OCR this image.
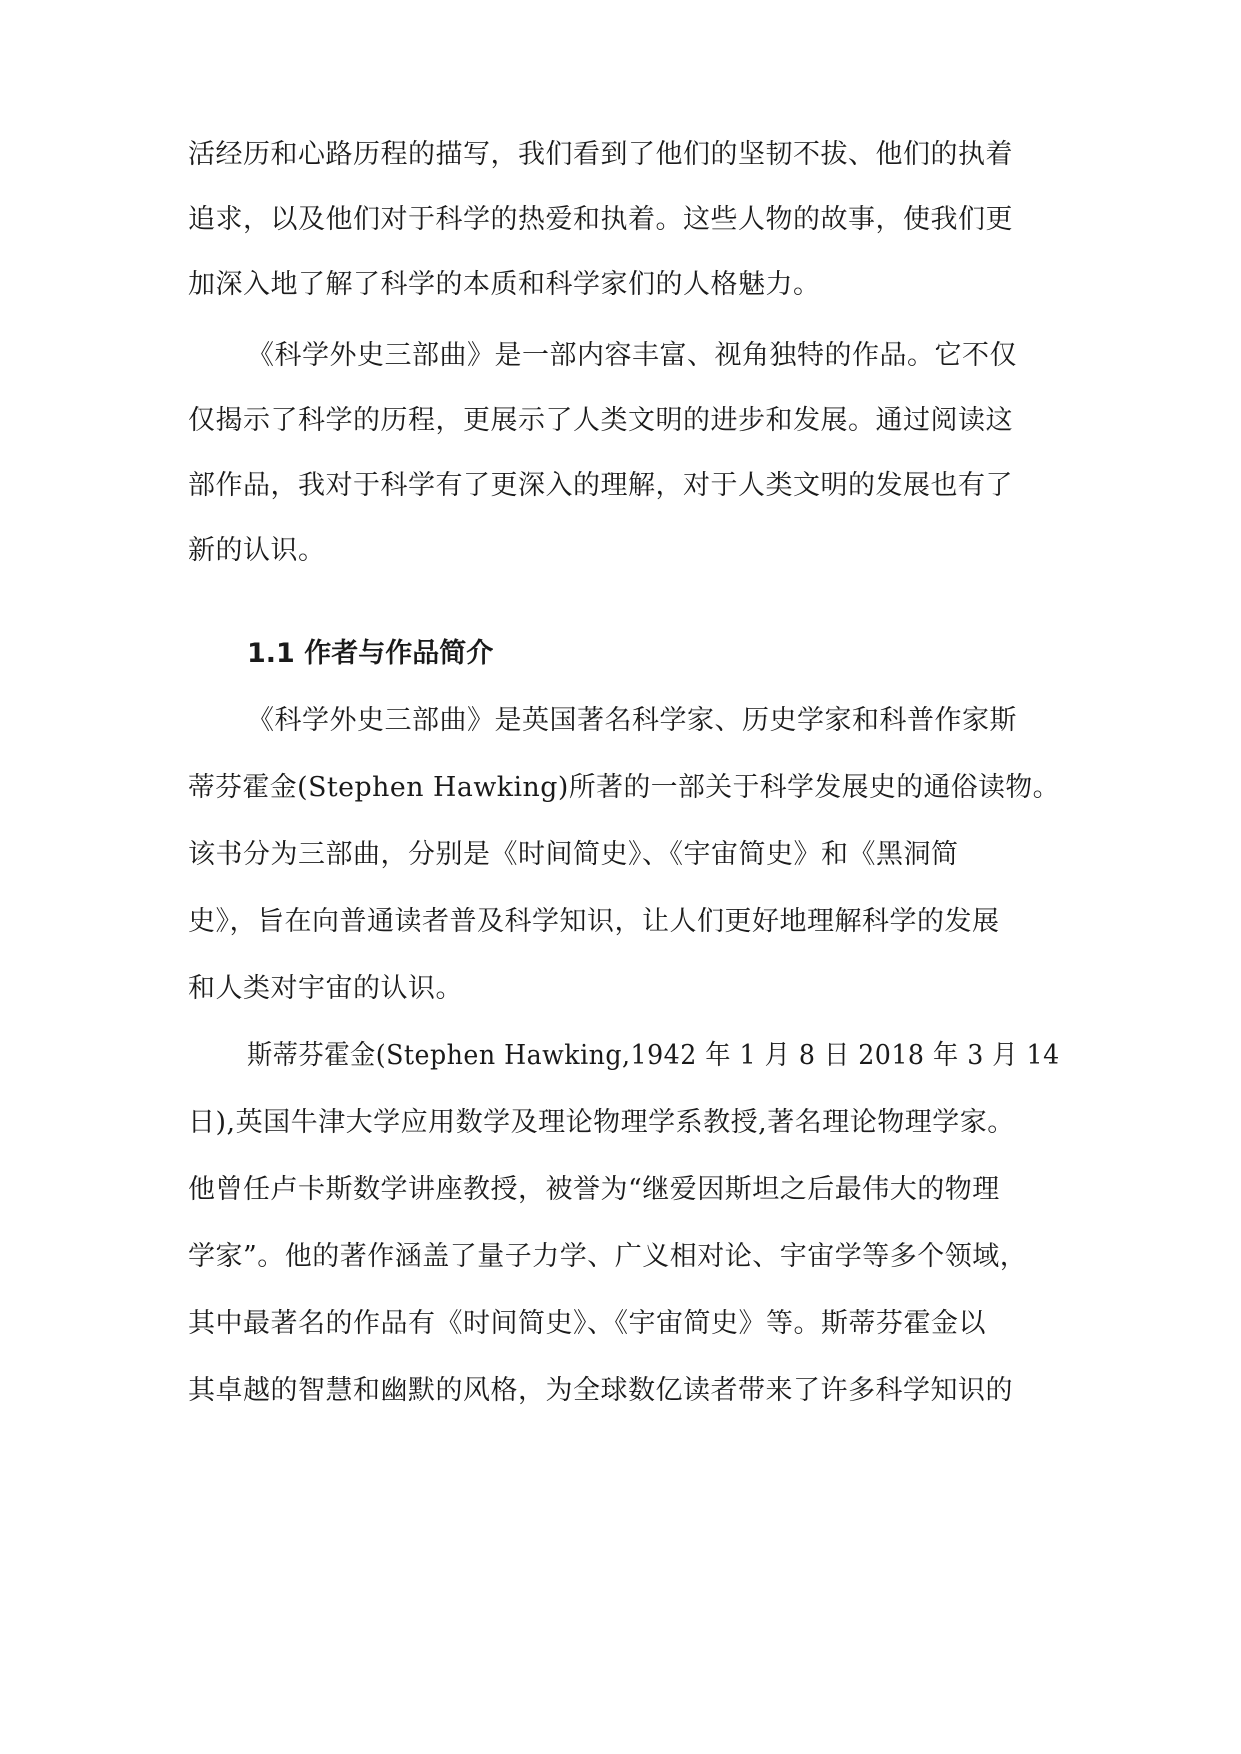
活经历和心路历程的描写，我们看到了他们的坚韧不拔、他们的执着
追求，以及他们对于科学的热爱和执着。这些人物的故事，使我们更
加深入地了解了科学的本质和科学家们的人格魅力。
《科学外史三部曲》是一部内容丰富、视角独特的作品。它不仅
仅揭示了科学的历程，更展示了人类文明的进步和发展。通过阅读这
部作品，我对于科学有了更深入的理解，对于人类文明的发展也有了
新的认识。
1.1 作者与作品简介
《科学外史三部曲》是英国著名科学家、历史学家和科普作家斯
蒂芬霍金(Stephen Hawking)所著的一部关于科学发展史的通俗读物。
该书分为三部曲，分别是《时间简史》、《宇宙简史》和《黑洞简
史》，旨在向普通读者普及科学知识，让人们更好地理解科学的发展
和人类对宇宙的认识。
斯蒂芬霍金(Stephen Hawking,1942 年 1 月 8 日 2018 年 3 月 14
日),英国牛津大学应用数学及理论物理学系教授,著名理论物理学家。
他曾任卢卡斯数学讲座教授，被誉为“继爱因斯坦之后最伟大的物理
学家”。他的著作涵盖了量子力学、广义相对论、宇宙学等多个领域，
其中最著名的作品有《时间简史》、《宇宙简史》等。斯蒂芬霍金以
其卓越的智慧和幽默的风格，为全球数亿读者带来了许多科学知识的
